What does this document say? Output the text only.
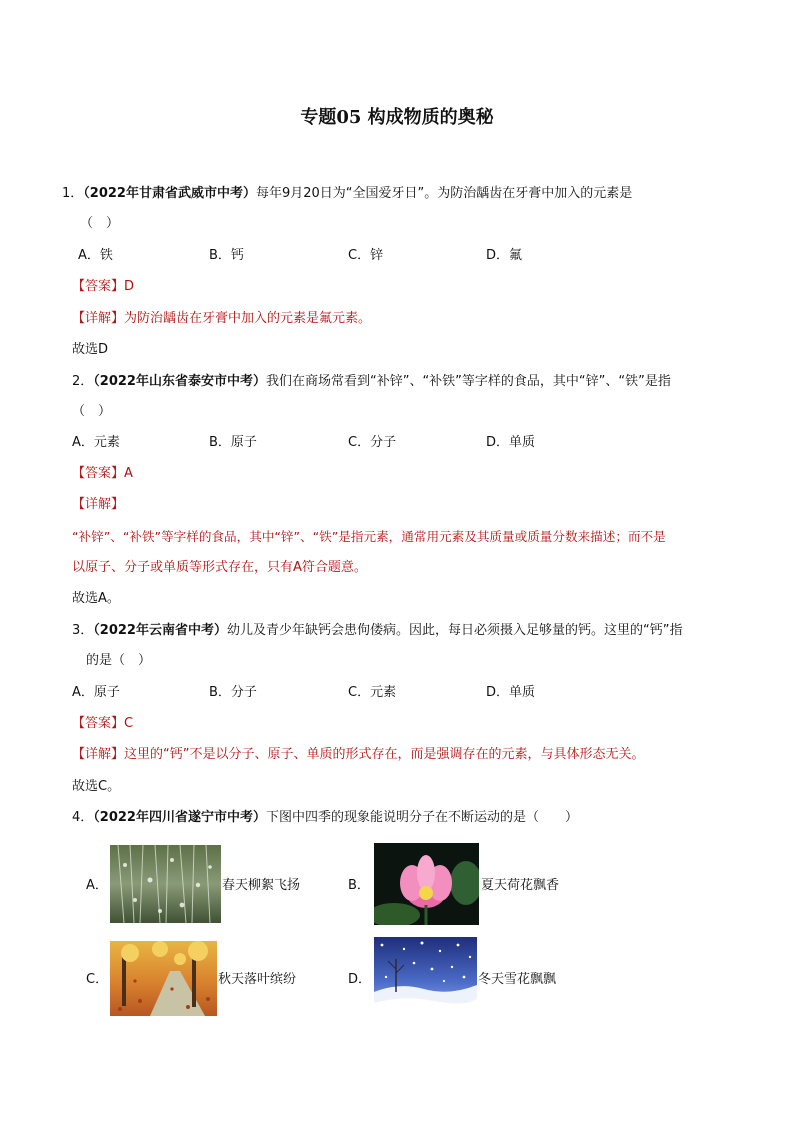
专题05 构成物质的奥秘
1．（2022年甘肃省武威市中考）每年9月20日为“全国爱牙日”。为防治龋齿在牙膏中加入的元素是
（　）
A．铁	B．钙	C．锌	D．氟
【答案】D
【详解】为防治龋齿在牙膏中加入的元素是氟元素。
故选D
2．（2022年山东省泰安市中考）我们在商场常看到“补锌”、“补铁”等字样的食品，其中“锌”、“铁”是指
（　）
A．元素	B．原子	C．分子	D．单质
【答案】A
【详解】
“补锌”、“补铁”等字样的食品，其中“锌”、“铁”是指元素，通常用元素及其质量或质量分数来描述；而不是
以原子、分子或单质等形式存在，只有A符合题意。
故选A。
3．（2022年云南省中考）幼儿及青少年缺钙会患佝偻病。因此，每日必须摄入足够量的钙。这里的“钙”指
的是（　）
A．原子	B．分子	C．元素	D．单质
【答案】C
【详解】这里的“钙”不是以分子、原子、单质的形式存在，而是强调存在的元素，与具体形态无关。
故选C。
4．（2022年四川省遂宁市中考）下图中四季的现象能说明分子在不断运动的是（　　）
A．	春天柳絮飞扬	B．	夏天荷花飘香
C．	秋天落叶缤纷	D．	冬天雪花飘飘
